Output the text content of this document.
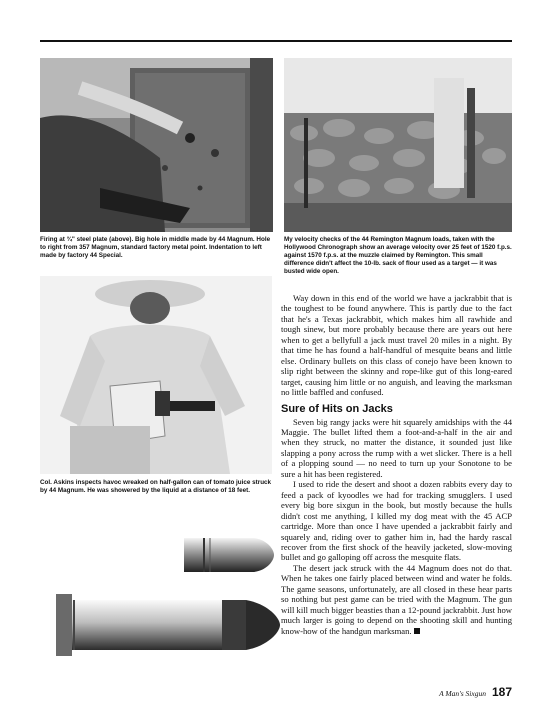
Firing at ¾" steel plate (above). Big hole in middle made by 44 Magnum. Hole to right from 357 Magnum, standard factory metal point. Indentation to left made by factory 44 Special.
My velocity checks of the 44 Remington Magnum loads, taken with the Hollywood Chronograph show an average velocity over 25 feet of 1520 f.p.s. against 1570 f.p.s. at the muzzle claimed by Remington. This small difference didn't affect the 10-lb. sack of flour used as a target — it was busted wide open.
Col. Askins inspects havoc wreaked on half-gallon can of tomato juice struck by 44 Magnum. He was showered by the liquid at a distance of 18 feet.

Way down in this end of the world we have a jackrabbit that is the toughest to be found anywhere. This is partly due to the fact that he's a Texas jackrabbit, which makes him all rawhide and tough sinew, but more probably because there are years out here when to get a bellyfull a jack must travel 20 miles in a night. By that time he has found a half-handful of mesquite beans and little else. Ordinary bullets on this class of conejo have been known to slip right between the skinny and rope-like gut of this long-eared target, causing him little or no anguish, and leaving the marksman no little baffled and confused.

Sure of Hits on Jacks

Seven big rangy jacks were hit squarely amidships with the 44 Maggie. The bullet lifted them a foot-and-a-half in the air and when they struck, no matter the distance, it sounded just like slapping a pony across the rump with a wet slicker. There is a hell of a plopping sound — no need to turn up your Sonotone to be sure a hit has been registered.

I used to ride the desert and shoot a dozen rabbits every day to feed a pack of kyoodles we had for tracking smugglers. I used every big bore sixgun in the book, but mostly because the hulls didn't cost me anything, I killed my dog meat with the 45 ACP cartridge. More than once I have upended a jackrabbit fairly and squarely and, riding over to gather him in, had the hardy rascal recover from the first shock of the heavily jacketed, slow-moving bullet and go galloping off across the mesquite flats.

The desert jack struck with the 44 Magnum does not do that. When he takes one fairly placed between wind and water he folds. The game seasons, unfortunately, are all closed in these hear parts so nothing but pest game can be tried with the Magnum. The gun will kill much bigger beasties than a 12-pound jackrabbit. Just how much larger is going to depend on the shooting skill and hunting know-how of the handgun marksman.

A Man's Sixgun 187
